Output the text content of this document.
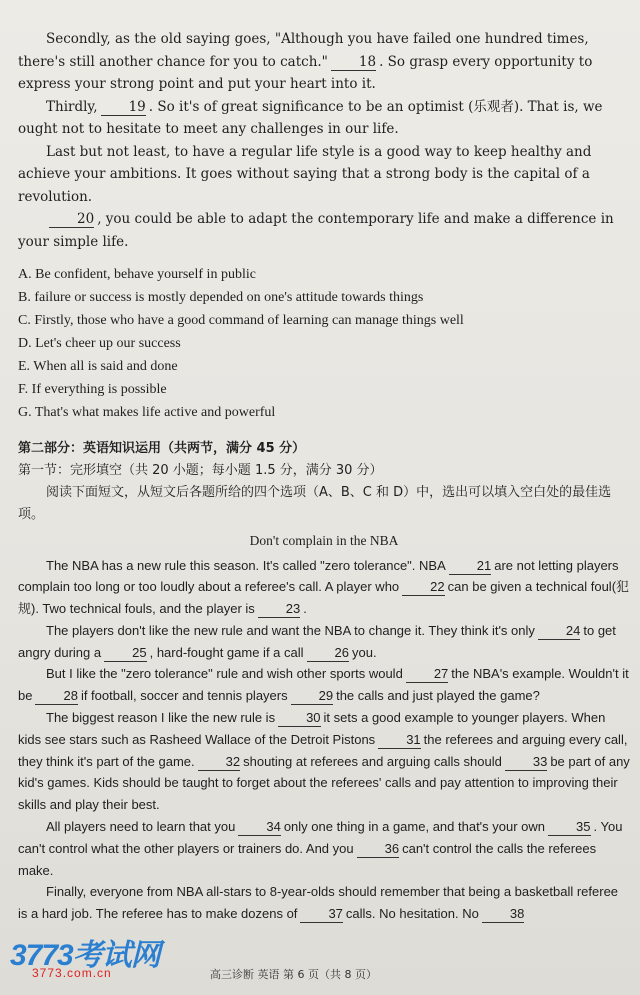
Secondly, as the old saying goes, "Although you have failed one hundred times, there's still another chance for you to catch." 18 . So grasp every opportunity to express your strong point and put your heart into it.

Thirdly, 19 . So it's of great significance to be an optimist (乐观者). That is, we ought not to hesitate to meet any challenges in our life.

Last but not least, to have a regular life style is a good way to keep healthy and achieve your ambitions. It goes without saying that a strong body is the capital of a revolution.

20 , you could be able to adapt the contemporary life and make a difference in your simple life.

A. Be confident, behave yourself in public
B. failure or success is mostly depended on one's attitude towards things
C. Firstly, those who have a good command of learning can manage things well
D. Let's cheer up our success
E. When all is said and done
F. If everything is possible
G. That's what makes life active and powerful
第二部分：英语知识运用（共两节，满分 45 分）
第一节：完形填空（共 20 小题；每小题 1.5 分，满分 30 分）
阅读下面短文，从短文后各题所给的四个选项（A、B、C 和 D）中，选出可以填入空白处的最佳选项。
Don't complain in the NBA

The NBA has a new rule this season. It's called "zero tolerance". NBA 21 are not letting players complain too long or too loudly about a referee's call. A player who 22 can be given a technical foul(犯规). Two technical fouls, and the player is 23 .

The players don't like the new rule and want the NBA to change it. They think it's only 24 to get angry during a 25 , hard-fought game if a call 26 you.

But I like the "zero tolerance" rule and wish other sports would 27 the NBA's example. Wouldn't it be 28 if football, soccer and tennis players 29 the calls and just played the game?

The biggest reason I like the new rule is 30 it sets a good example to younger players. When kids see stars such as Rasheed Wallace of the Detroit Pistons 31 the referees and arguing every call, they think it's part of the game. 32 shouting at referees and arguing calls should 33 be part of any kid's games. Kids should be taught to forget about the referees' calls and pay attention to improving their skills and play their best.

All players need to learn that you 34 only one thing in a game, and that's your own 35 . You can't control what the other players or trainers do. And you 36 can't control the calls the referees make.

Finally, everyone from NBA all-stars to 8-year-olds should remember that being a basketball referee is a hard job. The referee has to make dozens of 37 calls. No hesitation. No 38

3773考试网
3773.com.cn	高三诊断 英语 第 6 页（共 8 页）
